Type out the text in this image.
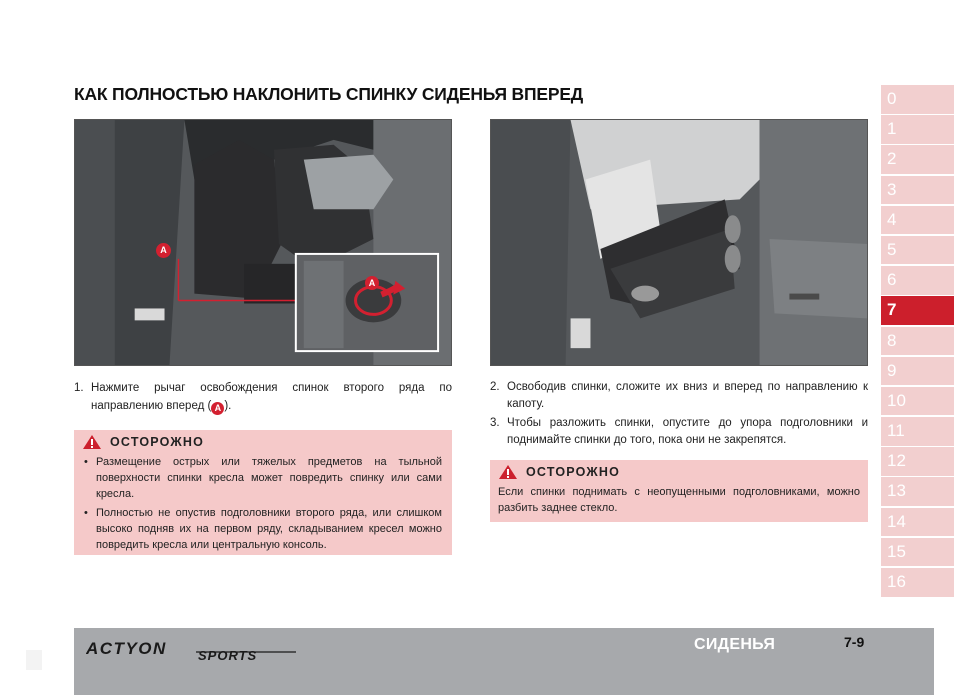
КАК ПОЛНОСТЬЮ НАКЛОНИТЬ СПИНКУ СИДЕНЬЯ ВПЕРЕД
A
A
1. Нажмите рычаг освобождения спинок второго ряда по направлению вперед ( A ).
ОСТОРОЖНО
• Размещение острых или тяжелых предметов на тыльной поверхности спинки кресла может повредить спинку или сами кресла.
• Полностью не опустив подголовники второго ряда, или слишком высоко подняв их на первом ряду, складыванием кресел можно повредить кресла или центральную консоль.
2. Освободив спинки, сложите их вниз и вперед по направлению к капоту.
3. Чтобы разложить спинки, опустите до упора подголовники и поднимайте спинки до того, пока они не закрепятся.
ОСТОРОЖНО
Если спинки поднимать с неопущенными подголовниками, можно разбить заднее стекло.
0
1
2
3
4
5
6
7
8
9
10
11
12
13
14
15
16
ACTYON SPORTS
СИДЕНЬЯ	7-9
